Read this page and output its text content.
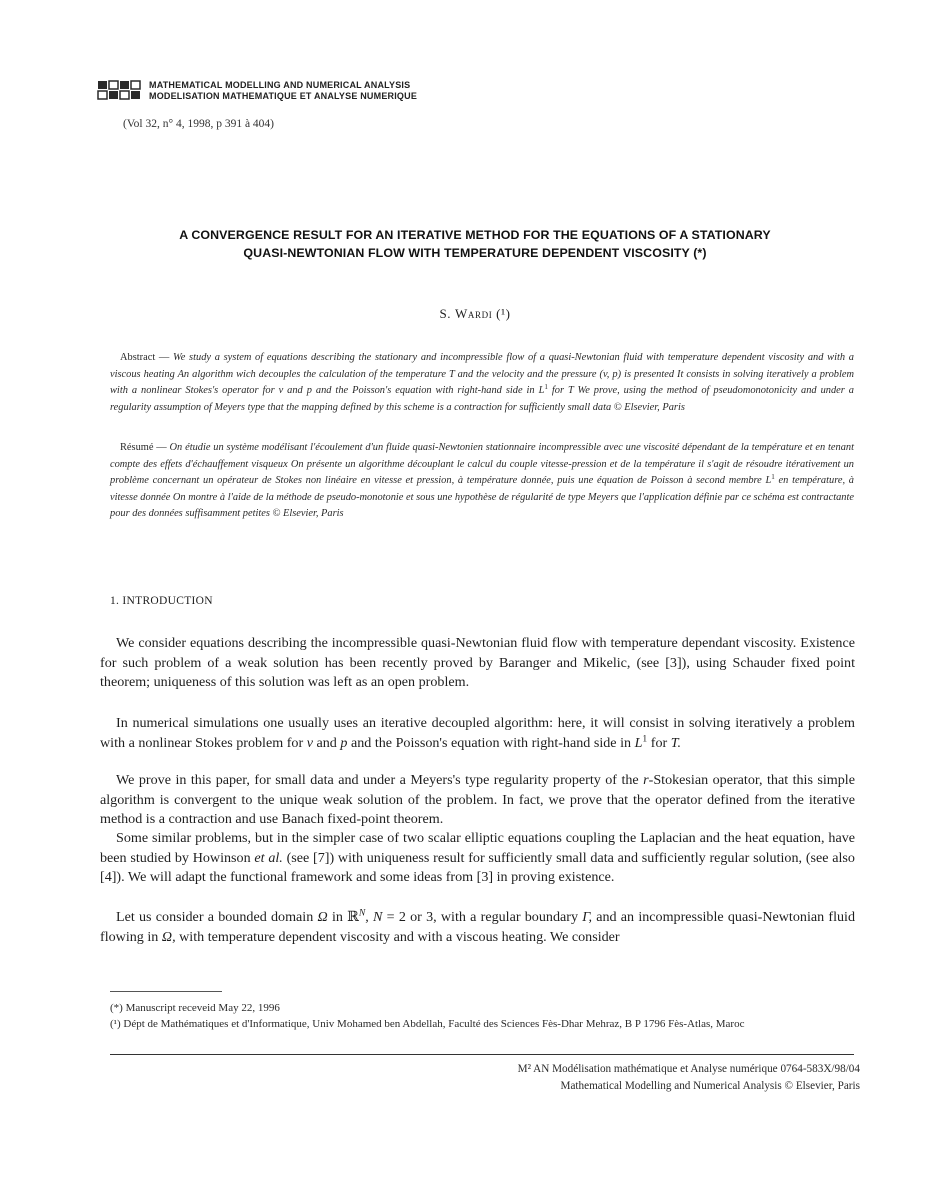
MATHEMATICAL MODELLING AND NUMERICAL ANALYSIS
MODELISATION MATHEMATIQUE ET ANALYSE NUMERIQUE
(Vol 32, n° 4, 1998, p 391 à 404)
A CONVERGENCE RESULT FOR AN ITERATIVE METHOD FOR THE EQUATIONS OF A STATIONARY
QUASI-NEWTONIAN FLOW WITH TEMPERATURE DEPENDENT VISCOSITY (*)
S. Wardi (¹)
Abstract — We study a system of equations describing the stationary and incompressible flow of a quasi-Newtonian fluid with temperature dependent viscosity and with a viscous heating An algorithm wich decouples the calculation of the temperature T and the velocity and the pressure (v, p) is presented It consists in solving iteratively a problem with a nonlinear Stokes's operator for v and p and the Poisson's equation with right-hand side in $L^1$ for T We prove, using the method of pseudomonotonicity and under a regularity assumption of Meyers type that the mapping defined by this scheme is a contraction for sufficiently small data © Elsevier, Paris
Résumé — On étudie un système modélisant l'écoulement d'un fluide quasi-Newtonien stationnaire incompressible avec une viscosité dépendant de la température et en tenant compte des effets d'échauffement visqueux On présente un algorithme découplant le calcul du couple vitesse-pression et de la température il s'agit de résoudre itérativement un problème concernant un opérateur de Stokes non linéaire en vitesse et pression, à température donnée, puis une équation de Poisson à second membre $L^1$ en température, à vitesse donnée On montre à l'aide de la méthode de pseudo-monotonie et sous une hypothèse de régularité de type Meyers que l'application définie par ce schéma est contractante pour des données suffisamment petites © Elsevier, Paris
1. INTRODUCTION
We consider equations describing the incompressible quasi-Newtonian fluid flow with temperature dependant viscosity. Existence for such problem of a weak solution has been recently proved by Baranger and Mikelic, (see [3]), using Schauder fixed point theorem; uniqueness of this solution was left as an open problem.
In numerical simulations one usually uses an iterative decoupled algorithm: here, it will consist in solving iteratively a problem with a nonlinear Stokes problem for v and p and the Poisson's equation with right-hand side in $L^1$ for T.
We prove in this paper, for small data and under a Meyers's type regularity property of the r-Stokesian operator, that this simple algorithm is convergent to the unique weak solution of the problem. In fact, we prove that the operator defined from the iterative method is a contraction and use Banach fixed-point theorem.
Some similar problems, but in the simpler case of two scalar elliptic equations coupling the Laplacian and the heat equation, have been studied by Howinson et al. (see [7]) with uniqueness result for sufficiently small data and sufficiently regular solution, (see also [4]). We will adapt the functional framework and some ideas from [3] in proving existence.
Let us consider a bounded domain Ω in ℝ$^N$, N = 2 or 3, with a regular boundary Γ, and an incompressible quasi-Newtonian fluid flowing in Ω, with temperature dependent viscosity and with a viscous heating. We consider
(*) Manuscript receveid May 22, 1996
(¹) Dépt de Mathématiques et d'Informatique, Univ Mohamed ben Abdellah, Faculté des Sciences Fès-Dhar Mehraz, B P 1796 Fès-Atlas, Maroc
M² AN Modélisation mathématique et Analyse numérique 0764-583X/98/04
Mathematical Modelling and Numerical Analysis © Elsevier, Paris
